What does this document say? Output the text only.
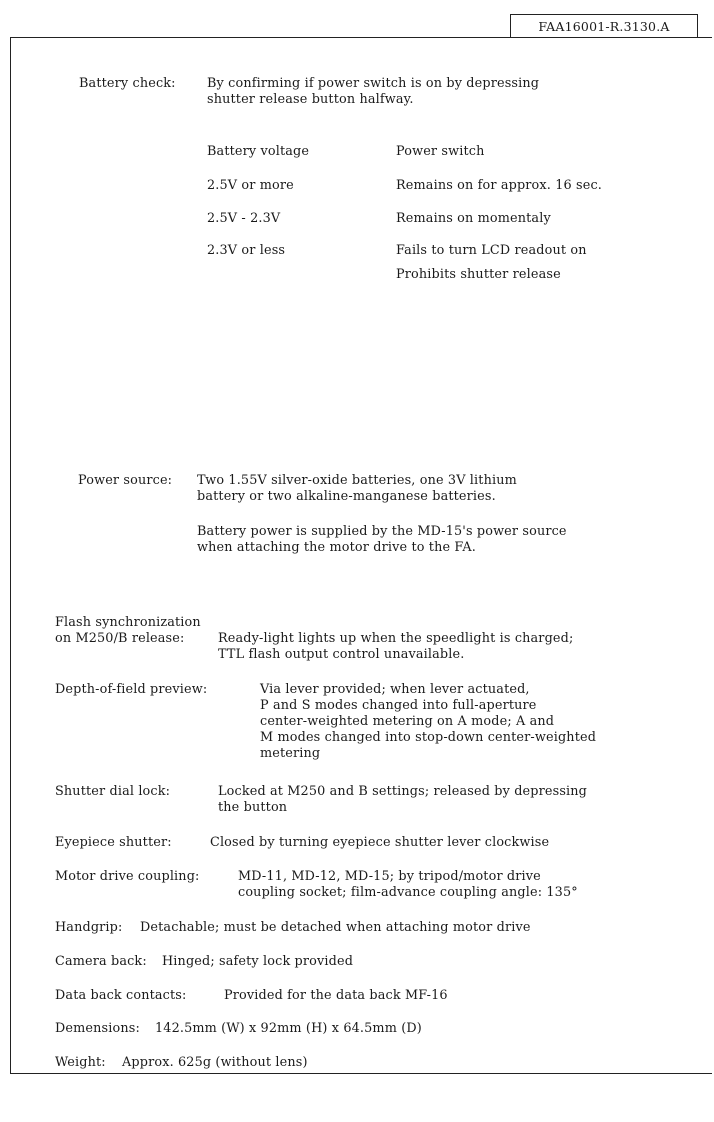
FAA16001-R.3130.A
Battery check: By confirming if power switch is on by depressing
shutter release button halfway.
Battery voltage	Power switch
2.5V or more	Remains on for approx. 16 sec.
2.5V - 2.3V	Remains on momentaly
2.3V or less	Fails to turn LCD readout on
Prohibits shutter release
Power source: Two 1.55V silver-oxide batteries, one 3V lithium
battery or two alkaline-manganese batteries.
Battery power is supplied by the MD-15's power source
when attaching the motor drive to the FA.
Flash synchronization
on M250/B release:	Ready-light lights up when the speedlight is charged;
TTL flash output control unavailable.
Depth-of-field preview:	Via lever provided; when lever actuated,
P and S modes changed into full-aperture
center-weighted metering on A mode; A and
M modes changed into stop-down center-weighted
metering
Shutter dial lock:	Locked at M250 and B settings; released by depressing
the button
Eyepiece shutter:	Closed by turning eyepiece shutter lever clockwise
Motor drive coupling:	MD-11, MD-12, MD-15; by tripod/motor drive
coupling socket; film-advance coupling angle: 135°
Handgrip: Detachable; must be detached when attaching motor drive
Camera back: Hinged; safety lock provided
Data back contacts:	Provided for the data back MF-16
Demensions: 142.5mm (W) x 92mm (H) x 64.5mm (D)
Weight: Approx. 625g (without lens)
